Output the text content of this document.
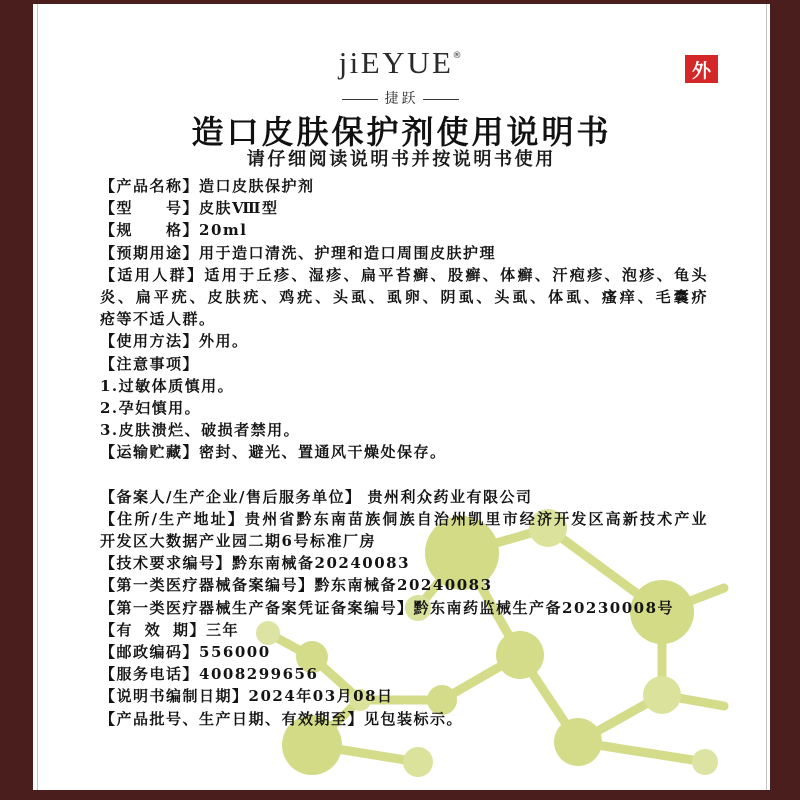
jiEYUE®
捷跃
外
造口皮肤保护剂使用说明书
请仔细阅读说明书并按说明书使用
【产品名称】造口皮肤保护剂
【型　　号】皮肤Ⅷ型
【规　　格】20ml
【预期用途】用于造口清洗、护理和造口周围皮肤护理
【适用人群】适用于丘疹、湿疹、扁平苔癣、股癣、体癣、汗疱疹、泡疹、龟头
炎、扁平疣、皮肤疣、鸡疣、头虱、虱卵、阴虱、头虱、体虱、瘙痒、毛囊疥
疮等不适人群。
【使用方法】外用。
【注意事项】
1.过敏体质慎用。
2.孕妇慎用。
3.皮肤溃烂、破损者禁用。
【运输贮藏】密封、避光、置通风干燥处保存。
【备案人/生产企业/售后服务单位】 贵州利众药业有限公司
【住所/生产地址】贵州省黔东南苗族侗族自治州凯里市经济开发区高新技术产业
开发区大数据产业园二期6号标准厂房
【技术要求编号】黔东南械备20240083
【第一类医疗器械备案编号】黔东南械备20240083
【第一类医疗器械生产备案凭证备案编号】黔东南药监械生产备20230008号
【有 效 期】三年
【邮政编码】556000
【服务电话】4008299656
【说明书编制日期】2024年03月08日
【产品批号、生产日期、有效期至】见包装标示。
